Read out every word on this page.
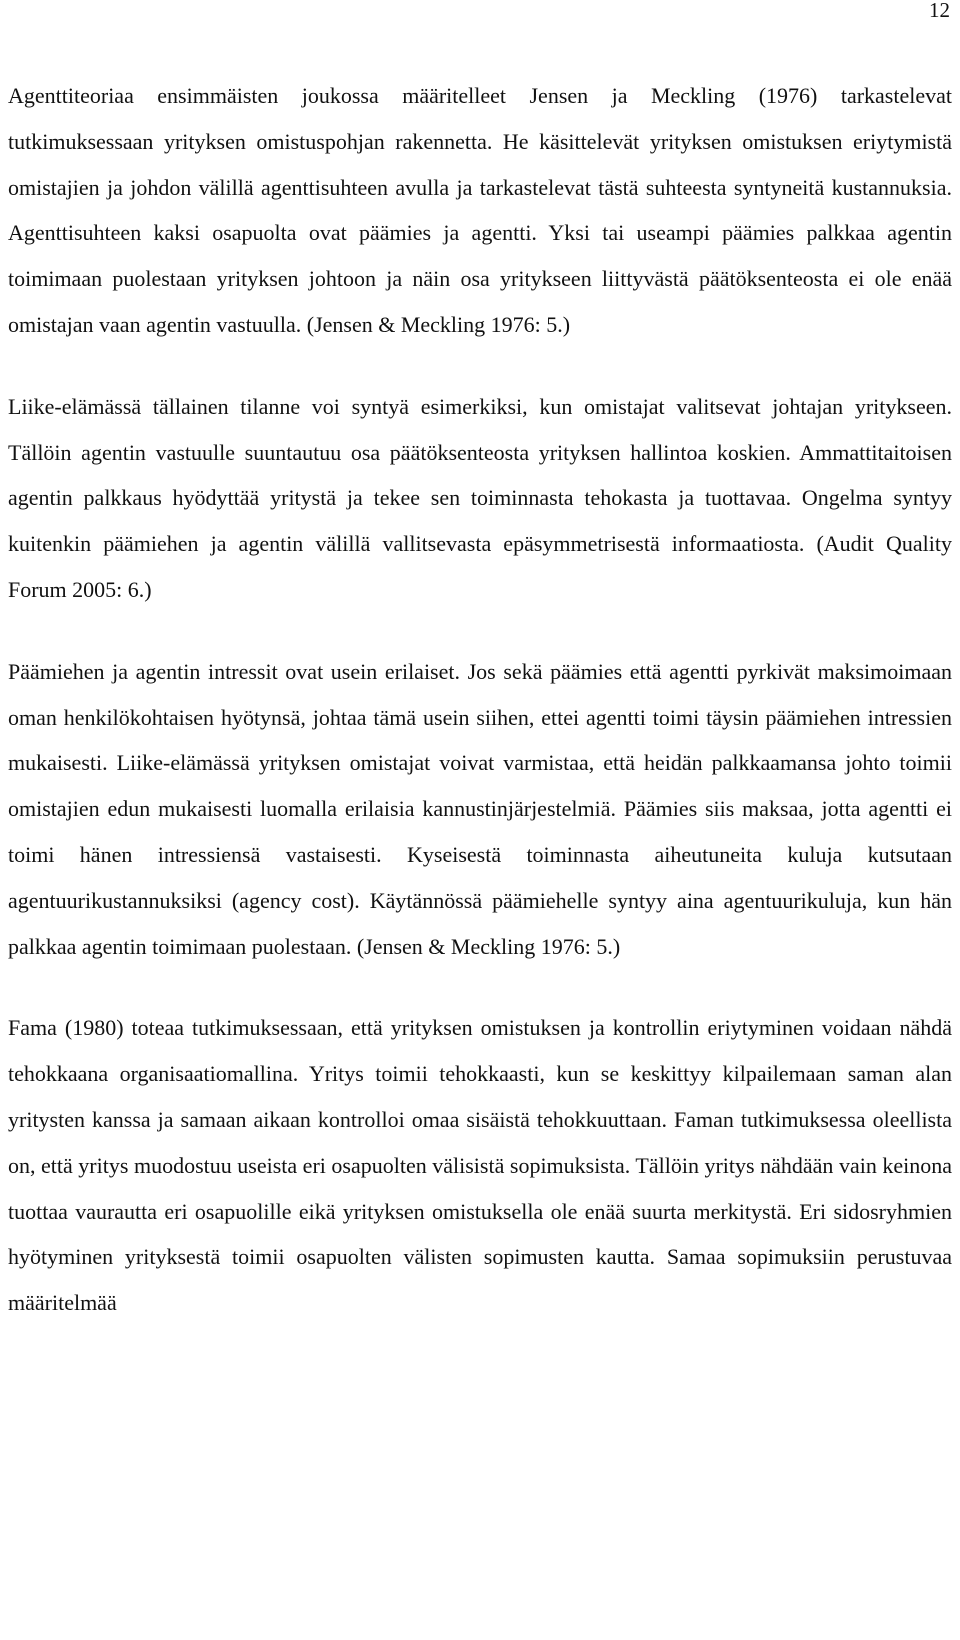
12

Agenttiteoriaa ensimmäisten joukossa määritelleet Jensen ja Meckling (1976) tarkastelevat tutkimuksessaan yrityksen omistuspohjan rakennetta. He käsittelevät yrityksen omistuksen eriytymistä omistajien ja johdon välillä agenttisuhteen avulla ja tarkastelevat tästä suhteesta syntyneitä kustannuksia. Agenttisuhteen kaksi osapuolta ovat päämies ja agentti. Yksi tai useampi päämies palkkaa agentin toimimaan puolestaan yrityksen johtoon ja näin osa yritykseen liittyvästä päätöksenteosta ei ole enää omistajan vaan agentin vastuulla. (Jensen & Meckling 1976: 5.)

Liike-elämässä tällainen tilanne voi syntyä esimerkiksi, kun omistajat valitsevat johtajan yritykseen. Tällöin agentin vastuulle suuntautuu osa päätöksenteosta yrityksen hallintoa koskien. Ammattitaitoisen agentin palkkaus hyödyttää yritystä ja tekee sen toiminnasta tehokasta ja tuottavaa. Ongelma syntyy kuitenkin päämiehen ja agentin välillä vallitsevasta epäsymmetrisestä informaatiosta. (Audit Quality Forum 2005: 6.)

Päämiehen ja agentin intressit ovat usein erilaiset. Jos sekä päämies että agentti pyrkivät maksimoimaan oman henkilökohtaisen hyötynsä, johtaa tämä usein siihen, ettei agentti toimi täysin päämiehen intressien mukaisesti. Liike-elämässä yrityksen omistajat voivat varmistaa, että heidän palkkaamansa johto toimii omistajien edun mukaisesti luomalla erilaisia kannustinjärjestelmiä. Päämies siis maksaa, jotta agentti ei toimi hänen intressiensä vastaisesti. Kyseisestä toiminnasta aiheutuneita kuluja kutsutaan agentuurikustannuksiksi (agency cost). Käytännössä päämiehelle syntyy aina agentuurikuluja, kun hän palkkaa agentin toimimaan puolestaan. (Jensen & Meckling 1976: 5.)

Fama (1980) toteaa tutkimuksessaan, että yrityksen omistuksen ja kontrollin eriytyminen voidaan nähdä tehokkaana organisaatiomallina. Yritys toimii tehokkaasti, kun se keskittyy kilpailemaan saman alan yritysten kanssa ja samaan aikaan kontrolloi omaa sisäistä tehokkuuttaan. Faman tutkimuksessa oleellista on, että yritys muodostuu useista eri osapuolten välisistä sopimuksista. Tällöin yritys nähdään vain keinona tuottaa vaurautta eri osapuolille eikä yrityksen omistuksella ole enää suurta merkitystä. Eri sidosryhmien hyötyminen yrityksestä toimii osapuolten välisten sopimusten kautta. Samaa sopimuksiin perustuvaa määritelmää
